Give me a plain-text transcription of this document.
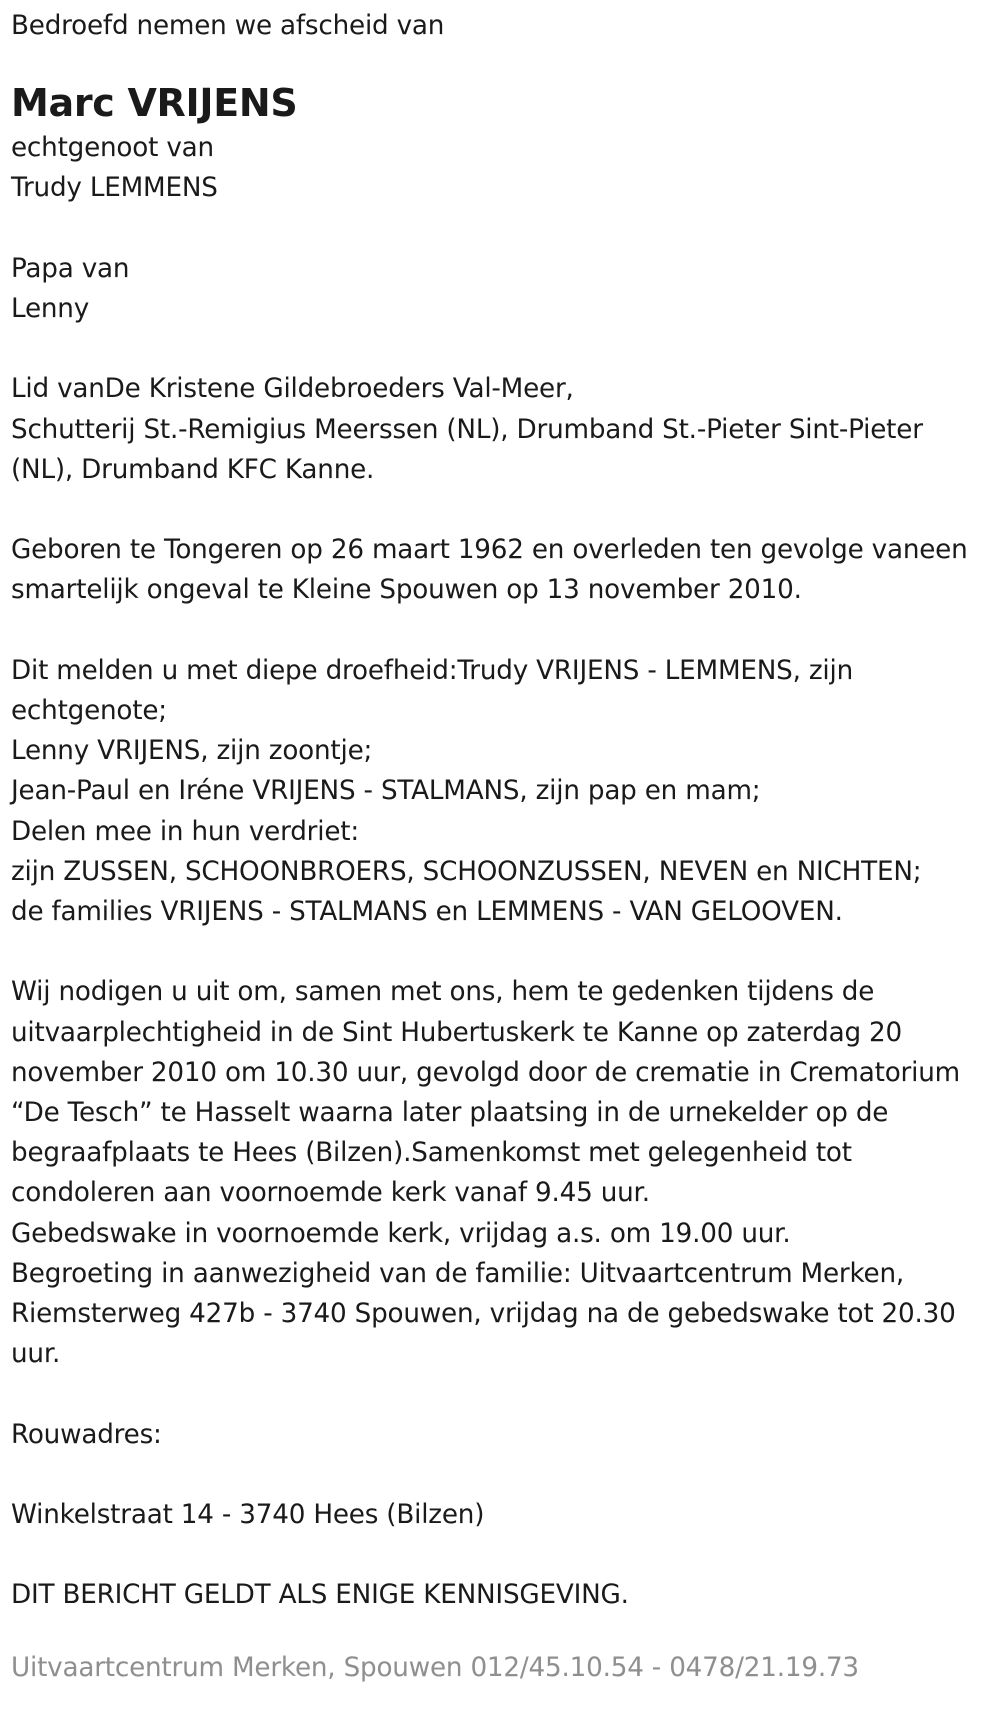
Bedroefd nemen we afscheid van
Marc VRIJENS
echtgenoot van
Trudy LEMMENS
Papa van
Lenny
Lid vanDe Kristene Gildebroeders Val-Meer,
Schutterij St.-Remigius Meerssen (NL), Drumband St.-Pieter Sint-Pieter
(NL), Drumband KFC Kanne.
Geboren te Tongeren op 26 maart 1962 en overleden ten gevolge vaneen
smartelijk ongeval te Kleine Spouwen op 13 november 2010.
Dit melden u met diepe droefheid:Trudy VRIJENS - LEMMENS, zijn
echtgenote;
Lenny VRIJENS, zijn zoontje;
Jean-Paul en Iréne VRIJENS - STALMANS, zijn pap en mam;
Delen mee in hun verdriet:
zijn ZUSSEN, SCHOONBROERS, SCHOONZUSSEN, NEVEN en NICHTEN;
de families VRIJENS - STALMANS en LEMMENS - VAN GELOOVEN.
Wij nodigen u uit om, samen met ons, hem te gedenken tijdens de
uitvaarplechtigheid in de Sint Hubertuskerk te Kanne op zaterdag 20
november 2010 om 10.30 uur, gevolgd door de crematie in Crematorium
“De Tesch” te Hasselt waarna later plaatsing in de urnekelder op de
begraafplaats te Hees (Bilzen).Samenkomst met gelegenheid tot
condoleren aan voornoemde kerk vanaf 9.45 uur.
Gebedswake in voornoemde kerk, vrijdag a.s. om 19.00 uur.
Begroeting in aanwezigheid van de familie: Uitvaartcentrum Merken,
Riemsterweg 427b - 3740 Spouwen, vrijdag na de gebedswake tot 20.30
uur.
Rouwadres:
Winkelstraat 14 - 3740 Hees (Bilzen)
DIT BERICHT GELDT ALS ENIGE KENNISGEVING.
Uitvaartcentrum Merken, Spouwen 012/45.10.54 - 0478/21.19.73
